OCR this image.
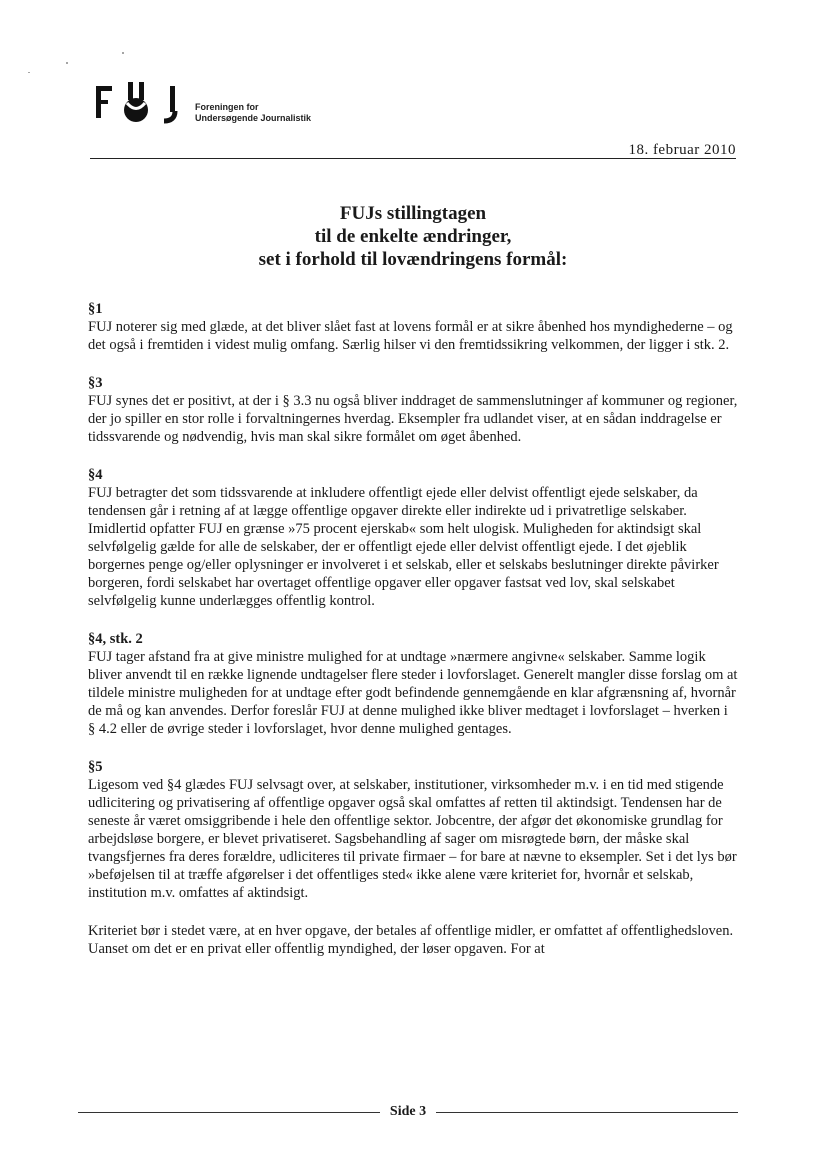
Foreningen for
Undersøgende Journalistik
18. februar 2010
FUJs stillingtagen
til de enkelte ændringer,
set i forhold til lovændringens formål:
§1

FUJ noterer sig med glæde, at det bliver slået fast at lovens formål er at sikre åbenhed hos myndighederne – og det også i fremtiden i videst mulig omfang. Særlig hilser vi den fremtidssikring velkommen, der ligger i stk. 2.

§3

FUJ synes det er positivt, at der i § 3.3 nu også bliver inddraget de sammenslutninger af kommuner og regioner, der jo spiller en stor rolle i forvaltningernes hverdag. Eksempler fra udlandet viser, at en sådan inddragelse er tidssvarende og nødvendig, hvis man skal sikre formålet om øget åbenhed.

§4

FUJ betragter det som tidssvarende at inkludere offentligt ejede eller delvist offentligt ejede selskaber, da tendensen går i retning af at lægge offentlige opgaver direkte eller indirekte ud i privatretlige selskaber. Imidlertid opfatter FUJ en grænse »75 procent ejerskab« som helt ulogisk. Muligheden for aktindsigt skal selvfølgelig gælde for alle de selskaber, der er offentligt ejede eller delvist offentligt ejede. I det øjeblik borgernes penge og/eller oplysninger er involveret i et selskab, eller et selskabs beslutninger direkte påvirker borgeren, fordi selskabet har overtaget offentlige opgaver eller opgaver fastsat ved lov, skal selskabet selvfølgelig kunne underlægges offentlig kontrol.

§4, stk. 2

FUJ tager afstand fra at give ministre mulighed for at undtage »nærmere angivne« selskaber. Samme logik bliver anvendt til en række lignende undtagelser flere steder i lovforslaget. Generelt mangler disse forslag om at tildele ministre muligheden for at undtage efter godt befindende gennemgående en klar afgrænsning af, hvornår de må og kan anvendes. Derfor foreslår FUJ at denne mulighed ikke bliver medtaget i lovforslaget – hverken i § 4.2 eller de øvrige steder i lovforslaget, hvor denne mulighed gentages.

§5

Ligesom ved §4 glædes FUJ selvsagt over, at selskaber, institutioner, virksomheder m.v. i en tid med stigende udlicitering og privatisering af offentlige opgaver også skal omfattes af retten til aktindsigt. Tendensen har de seneste år været omsiggribende i hele den offentlige sektor. Jobcentre, der afgør det økonomiske grundlag for arbejdsløse borgere, er blevet privatiseret. Sagsbehandling af sager om misrøgtede børn, der måske skal tvangsfjernes fra deres forældre, udliciteres til private firmaer – for bare at nævne to eksempler. Set i det lys bør »beføjelsen til at træffe afgørelser i det offentliges sted« ikke alene være kriteriet for, hvornår et selskab, institution m.v. omfattes af aktindsigt.

Kriteriet bør i stedet være, at en hver opgave, der betales af offentlige midler, er omfattet af offentlighedsloven. Uanset om det er en privat eller offentlig myndighed, der løser opgaven. For at

Side 3
